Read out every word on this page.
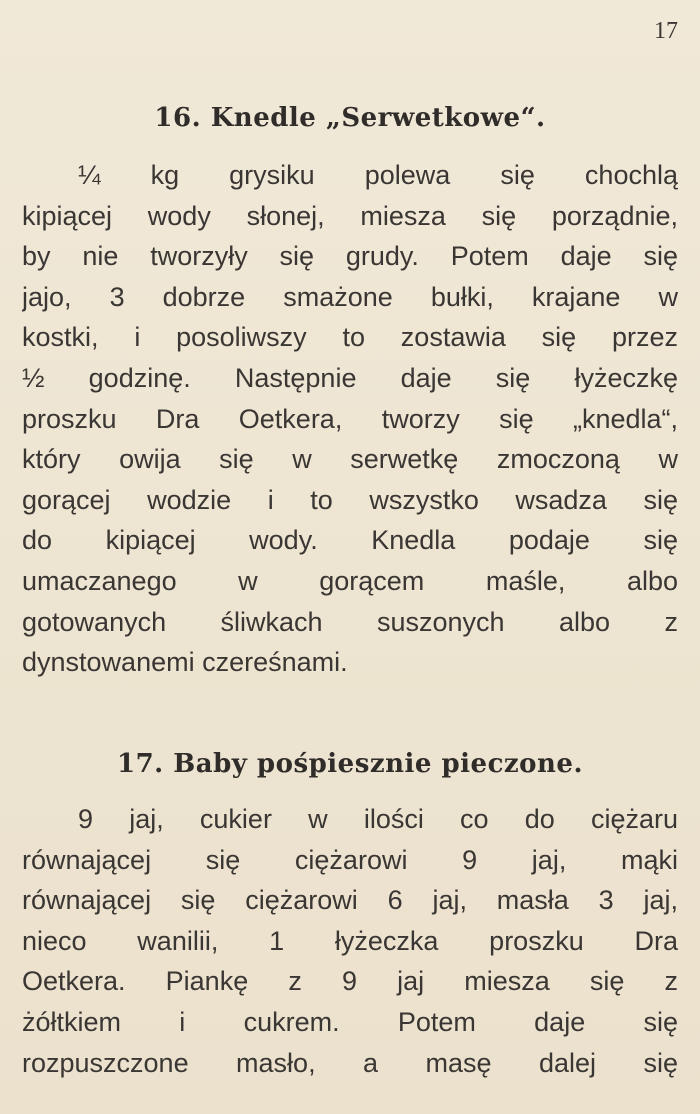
17
16. Knedle „Serwetkowe“.
¼ kg grysiku polewa się chochlą
kipiącej wody słonej, miesza się porządnie,
by nie tworzyły się grudy. Potem daje się
jajo, 3 dobrze smażone bułki, krajane w
kostki, i posoliwszy to zostawia się przez
½ godzinę. Następnie daje się łyżeczkę
proszku Dra Oetkera, tworzy się „knedla“,
który owija się w serwetkę zmoczoną w
gorącej wodzie i to wszystko wsadza się
do kipiącej wody. Knedla podaje się
umaczanego w gorącem maśle, albo
gotowanych śliwkach suszonych albo z
dynstowanemi czereśnami.
17. Baby pośpiesznie pieczone.
9 jaj, cukier w ilości co do ciężaru
równającej się ciężarowi 9 jaj, mąki
równającej się ciężarowi 6 jaj, masła 3 jaj,
nieco wanilii, 1 łyżeczka proszku Dra
Oetkera. Piankę z 9 jaj miesza się z
żółtkiem i cukrem. Potem daje się
rozpuszczone masło, a masę dalej się
